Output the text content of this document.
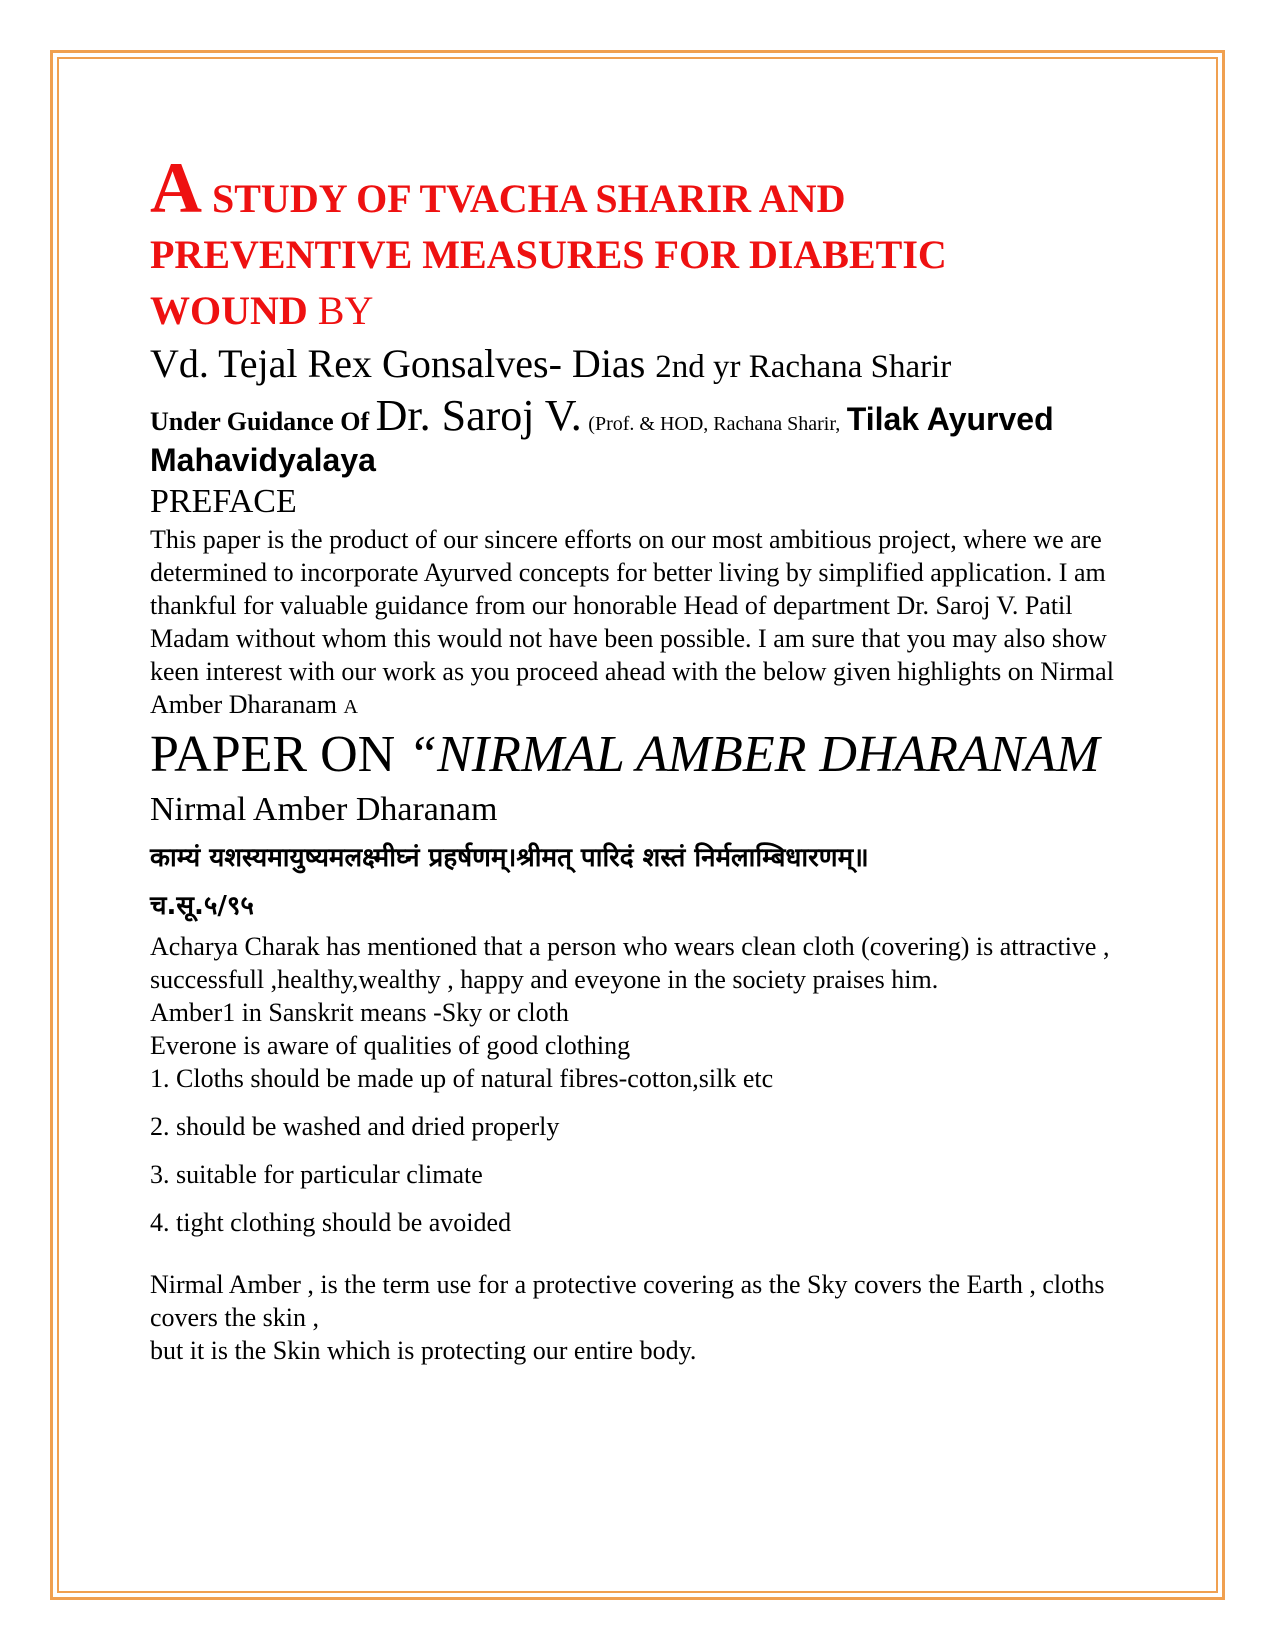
A STUDY OF TVACHA SHARIR AND
PREVENTIVE MEASURES FOR DIABETIC
WOUND BY

Vd. Tejal Rex Gonsalves- Dias 2nd yr Rachana Sharir

Under Guidance Of Dr. Saroj V. (Prof. & HOD, Rachana Sharir, Tilak Ayurved Mahavidyalaya

PREFACE

This paper is the product of our sincere efforts on our most ambitious project, where we are determined to incorporate Ayurved concepts for better living by simplified application. I am thankful for valuable guidance from our honorable Head of department Dr. Saroj V. Patil Madam without whom this would not have been possible. I am sure that you may also show keen interest with our work as you proceed ahead with the below given highlights on Nirmal Amber Dharanam A

PAPER ON “NIRMAL AMBER DHARANAM

Nirmal Amber Dharanam

काम्यं यशस्यमायुष्यमलक्ष्मीघ्नं प्रहर्षणम्।श्रीमत् पारिदं शस्तं निर्मलाम्बिधारणम्॥

च.सू.५/९५

Acharya Charak has mentioned that a person who wears clean cloth (covering) is attractive , successfull ,healthy,wealthy , happy and eveyone in the society praises him.

Amber1 in Sanskrit means -Sky or cloth

Everone is aware of qualities of good clothing

1. Cloths should be made up of natural fibres-cotton,silk etc

2. should be washed and dried properly

3. suitable for particular climate

4. tight clothing should be avoided

Nirmal Amber , is the term use for a protective covering as the Sky covers the Earth , cloths covers the skin ,

but it is the Skin which is protecting our entire body.
